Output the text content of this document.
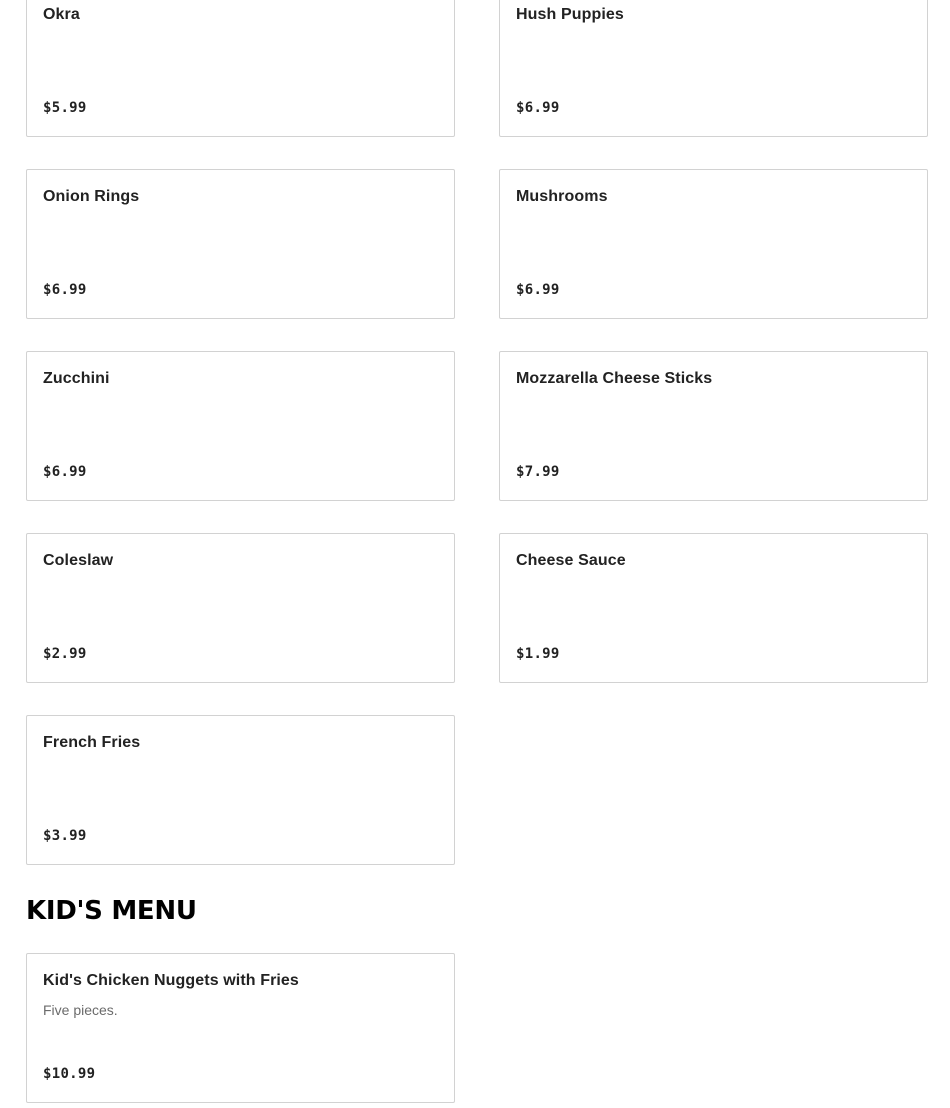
Okra
$5.99
Hush Puppies
$6.99
Onion Rings
$6.99
Mushrooms
$6.99
Zucchini
$6.99
Mozzarella Cheese Sticks
$7.99
Coleslaw
$2.99
Cheese Sauce
$1.99
French Fries
$3.99
KID'S MENU
Kid's Chicken Nuggets with Fries
Five pieces.
$10.99
